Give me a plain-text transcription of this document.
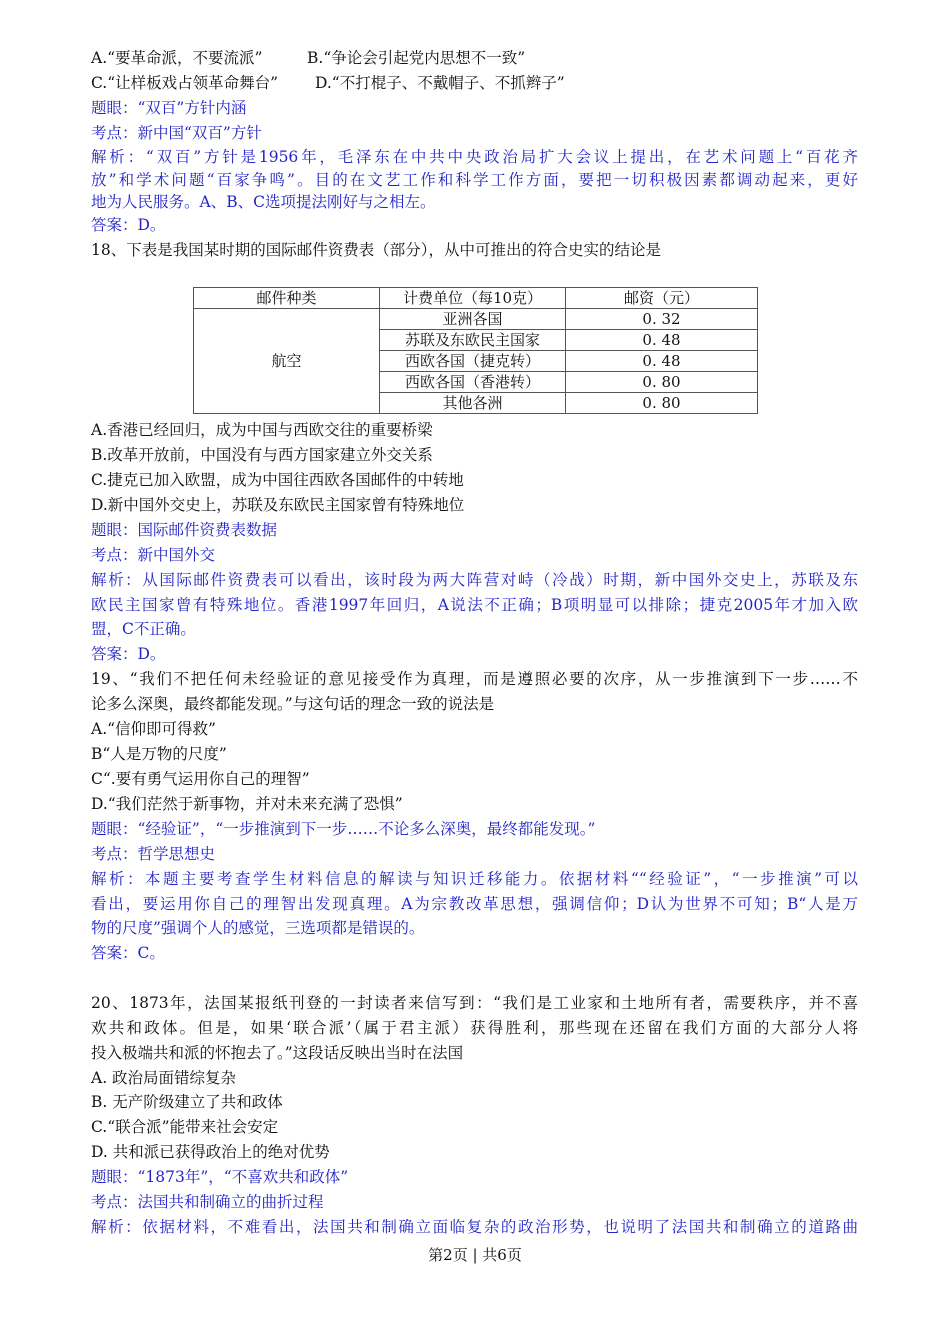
A.“要革命派，不要流派”	B.“争论会引起党内思想不一致”
C.“让样板戏占领革命舞台” D.“不打棍子、不戴帽子、不抓辫子”
题眼：“双百”方针内涵
考点：新中国“双百”方针
解析：“双百”方针是1956年，毛泽东在中共中央政治局扩大会议上提出，在艺术问题上“百花齐
放”和学术问题“百家争鸣”。目的在文艺工作和科学工作方面，要把一切积极因素都调动起来，更好
地为人民服务。A、B、C选项提法刚好与之相左。
答案：D。
18、下表是我国某时期的国际邮件资费表（部分），从中可推出的符合史实的结论是
A.香港已经回归，成为中国与西欧交往的重要桥梁
B.改革开放前，中国没有与西方国家建立外交关系
C.捷克已加入欧盟，成为中国往西欧各国邮件的中转地
D.新中国外交史上，苏联及东欧民主国家曾有特殊地位
题眼：国际邮件资费表数据
考点：新中国外交
解析：从国际邮件资费表可以看出，该时段为两大阵营对峙（冷战）时期，新中国外交史上，苏联及东
欧民主国家曾有特殊地位。香港1997年回归，A说法不正确；B项明显可以排除；捷克2005年才加入欧
盟，C不正确。
答案：D。
19、“我们不把任何未经验证的意见接受作为真理，而是遵照必要的次序，从一步推演到下一步……不
论多么深奥，最终都能发现。”与这句话的理念一致的说法是
A.“信仰即可得救”
B“人是万物的尺度”
C“.要有勇气运用你自己的理智”
D.“我们茫然于新事物，并对未来充满了恐惧”
题眼：“经验证”，“一步推演到下一步……不论多么深奥，最终都能发现。”
考点：哲学思想史
解析：本题主要考查学生材料信息的解读与知识迁移能力。依据材料““经验证”，“一步推演”可以
看出，要运用你自己的理智出发现真理。A为宗教改革思想，强调信仰；D认为世界不可知；B“人是万
物的尺度”强调个人的感觉，三选项都是错误的。
答案：C。
20、1873年，法国某报纸刊登的一封读者来信写到：“我们是工业家和土地所有者，需要秩序，并不喜
欢共和政体。但是，如果‘联合派’（属于君主派）获得胜利，那些现在还留在我们方面的大部分人将
投入极端共和派的怀抱去了。”这段话反映出当时在法国
A. 政治局面错综复杂
B. 无产阶级建立了共和政体
C.“联合派”能带来社会安定
D. 共和派已获得政治上的绝对优势
题眼：“1873年”，“不喜欢共和政体”
考点：法国共和制确立的曲折过程
解析：依据材料，不难看出，法国共和制确立面临复杂的政治形势，也说明了法国共和制确立的道路曲
邮件种类	计费单位（每10克）	邮资（元）
航空	亚洲各国	0. 32
	苏联及东欧民主国家	0. 48
	西欧各国（捷克转）	0. 48
	西欧各国（香港转）	0. 80
	其他各洲	0. 80
第2页 | 共6页
